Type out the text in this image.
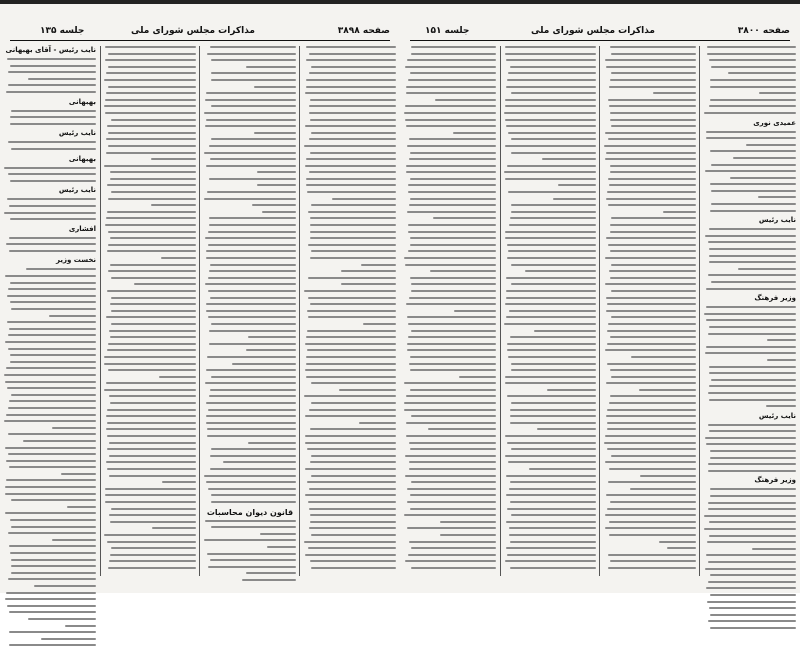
صفحه ۳۸۹۸
مذاکرات مجلس شورای ملی
جلسه ۱۳۵
نایب رئیس - آقای بهبهانی
بهبهانی
نایب رئیس
بهبهانی
نایب رئیس
افشاری
نخست وزیر
قانون دیوان محاسبات
صفحه ۳۸۰۰
مذاکرات مجلس شورای ملی
جلسه ۱۵۱
عمیدی نوری
نایب رئیس
وزیر فرهنگ
نایب رئیس
وزیر فرهنگ
